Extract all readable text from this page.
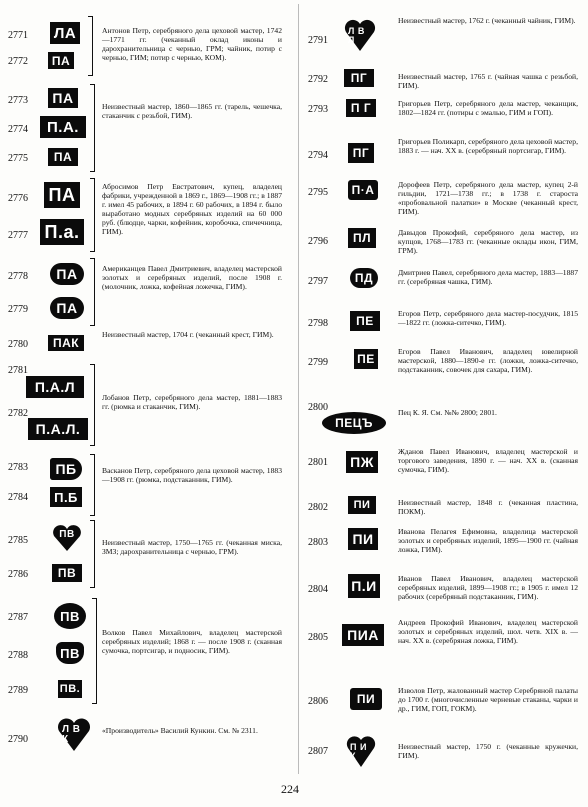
2771
2772
2773
2774
2775
2776
2777
2778
2779
2780
2781
2782
2783
2784
2785
2786
2787
2788
2789
2790
ЛА
ПА
ПА
П.А.
ПА
ПА
П.а.
ПА
ПА
ПАК
П.А.Л
П.А.Л.
ПБ
П.Б
ПВ
ПВ
ПВ
ПВ
ПВ.
Л В К
Антонов Петр, серебряного дела цеховой мастер, 1742—1771 гг. (чеканный оклад иконы и дарохранительница с чернью, ГРМ; чайник, потир с чернью, ГИМ; потир с чернью, КОМ).
Неизвестный мастер, 1860—1865 гг. (тарель, чешечка, стаканчик с резьбой, ГИМ).
Абросимов Петр Евстратович, купец, владелец фабрики, учрежденной в 1869 г., 1869—1908 гг.; в 1887 г. имел 45 рабочих, в 1894 г. 60 рабочих, в 1894 г. было выработано модных серебряных изделий на 60 000 руб. (блюдце, чарки, кофейник, коробочка, спичечница, ГИМ).
Американцев Павел Дмитриевич, владелец мастерской золотых и серебряных изделий, после 1908 г. (молочник, ложка, кофейная ложечка, ГИМ).
Неизвестный мастер, 1704 г. (чеканный крест, ГИМ).
Лобанов Петр, серебряного дела мастер, 1881—1883 гг. (рюмка и стаканчик, ГИМ).
Васканов Петр, серебряного дела цеховой мастер, 1883—1908 гг. (рюмка, подстаканник, ГИМ).
Неизвестный мастер, 1750—1765 гг. (чеканная миска, ЗМЗ; дарохранительница с чернью, ГРМ).
Волков Павел Михайлович, владелец мастерской серебряных изделий; 1868 г. — после 1908 г. (сканная сумочка, портсигар, и подносик, ГИМ).
«Производитель» Василий Кункин. См. № 2311.
2791
2792
2793
2794
2795
2796
2797
2798
2799
2800
2801
2802
2803
2804
2805
2806
2807
Л В Л
ПГ
П Г
ПГ
П·А
ПЛ
ПД
ПЕ
ПЕ
ПЕЦЪ
ПЖ
ПИ
ПИ
П.И
ПИА
ПИ
П И К
Неизвестный мастер, 1762 г. (чеканный чайник, ГИМ).
Неизвестный мастер, 1765 г. (чайная чашка с резьбой, ГИМ).
Григорьев Петр, серебряного дела мастер, чеканщик, 1802—1824 гг. (потиры с эмалью, ГИМ и ГОП).
Григорьев Поликарп, серебряного дела цеховой мастер, 1883 г. — нач. XX в. (серебряный портсигар, ГИМ).
Дорофеев Петр, серебряного дела мастер, купец 2-й гильдии, 1721—1738 гг.; в 1738 г. староста «пробовальной палатки» в Москве (чеканный крест, ГИМ).
Давыдов Прокофий, серебряного дела мастер, из купцов, 1768—1783 гг. (чеканные оклады икон, ГИМ, ГРМ).
Дмитриев Павел, серебряного дела мастер, 1883—1887 гг. (серебряная чашка, ГИМ).
Егоров Петр, серебряного дела мастер-посудчик, 1815—1822 гг. (ложка-ситечко, ГИМ).
Егоров Павел Иванович, владелец ювелирной мастерской, 1880—1890-е гг. (ложки, ложка-ситечко, подстаканник, совочек для сахара, ГИМ).
Пец К. Я. См. №№ 2800; 2801.
Жданов Павел Иванович, владелец мастерской и торгового заведения, 1890 г. — нач. XX в. (сканная сумочка, ГИМ).
Неизвестный мастер, 1848 г. (чеканная пластина, ПОКМ).
Иванова Пелагея Ефимовна, владелица мастерской золотых и серебряных изделий, 1895—1900 гг. (чайная ложка, ГИМ).
Иванов Павел Иванович, владелец мастерской серебряных изделий, 1899—1908 гг.; в 1905 г. имел 12 рабочих (серебряный подстаканник, ГИМ).
Андреев Прокофий Иванович, владелец мастерской золотых и серебряных изделий, шол. четв. XIX в. — нач. XX в. (серебряная ложка, ГИМ).
Изволов Петр, жалованный мастер Серебряной палаты до 1700 г. (многочисленные черневые стаканы, чарки и др., ГИМ, ГОП, ГОКМ).
Неизвестный мастер, 1750 г. (чеканные кружечки, ГИМ).
224
